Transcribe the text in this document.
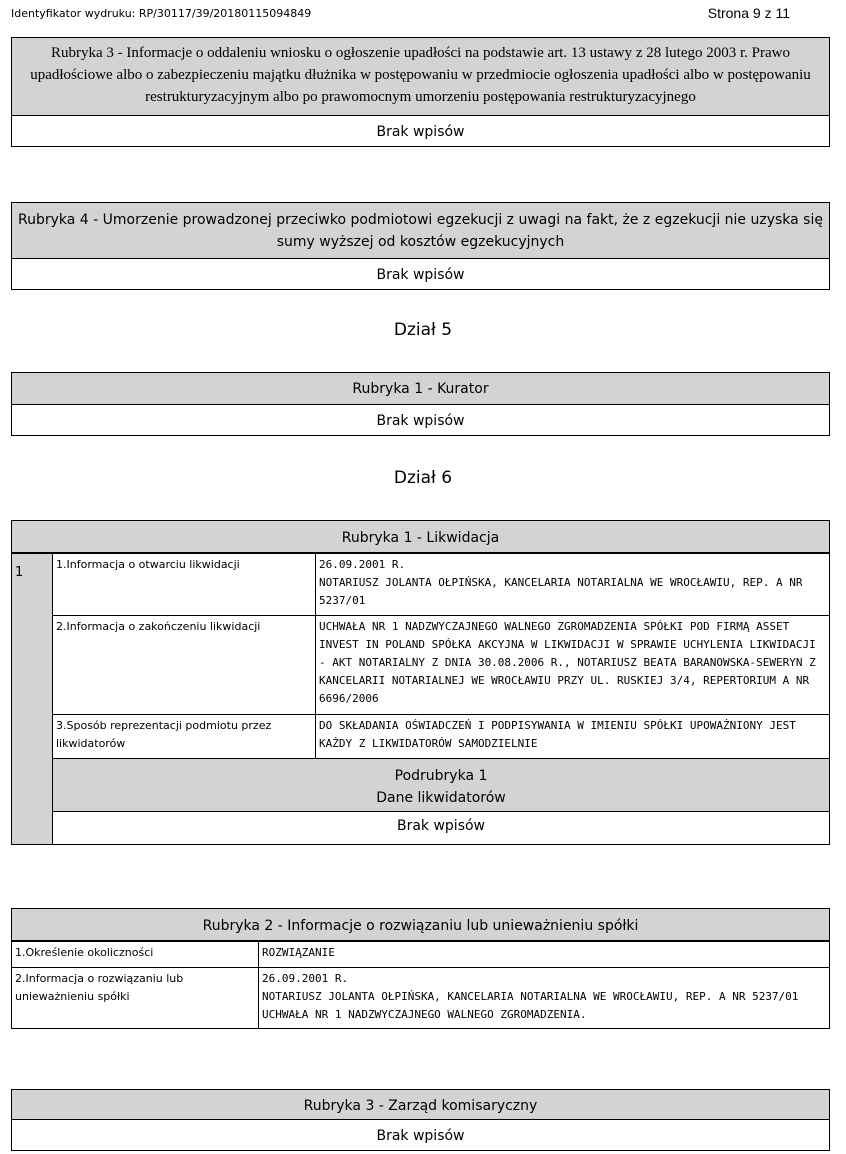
Identyfikator wydruku: RP/30117/39/20180115094849	Strona 9 z 11
Rubryka 3 - Informacje o oddaleniu wniosku o ogłoszenie upadłości na podstawie art. 13 ustawy z 28 lutego 2003 r. Prawo upadłościowe albo o zabezpieczeniu majątku dłużnika w postępowaniu w przedmiocie ogłoszenia upadłości albo w postępowaniu restrukturyzacyjnym albo po prawomocnym umorzeniu postępowania restrukturyzacyjnego
Brak wpisów
Rubryka 4 - Umorzenie prowadzonej przeciwko podmiotowi egzekucji z uwagi na fakt, że z egzekucji nie uzyska się sumy wyższej od kosztów egzekucyjnych
Brak wpisów
Dział 5
Rubryka 1 - Kurator
Brak wpisów
Dział 6
Rubryka 1 - Likwidacja
1	1.Informacja o otwarciu likwidacji	26.09.2001 R.
NOTARIUSZ JOLANTA OŁPIŃSKA, KANCELARIA NOTARIALNA WE WROCŁAWIU, REP. A NR 5237/01
	2.Informacja o zakończeniu likwidacji	UCHWAŁA NR 1 NADZWYCZAJNEGO WALNEGO ZGROMADZENIA SPÓŁKI POD FIRMĄ ASSET INVEST IN POLAND SPÓŁKA AKCYJNA W LIKWIDACJI W SPRAWIE UCHYLENIA LIKWIDACJI - AKT NOTARIALNY Z DNIA 30.08.2006 R., NOTARIUSZ BEATA BARANOWSKA-SEWERYN Z KANCELARII NOTARIALNEJ WE WROCŁAWIU PRZY UL. RUSKIEJ 3/4, REPERTORIUM A NR 6696/2006
	3.Sposób reprezentacji podmiotu przez likwidatorów	DO SKŁADANIA OŚWIADCZEŃ I PODPISYWANIA W IMIENIU SPÓŁKI UPOWAŻNIONY JEST KAŻDY Z LIKWIDATORÓW SAMODZIELNIE

	Podrubryka 1
Dane likwidatorów	

	Brak wpisów	
Rubryka 2 - Informacje o rozwiązaniu lub unieważnieniu spółki
1.Określenie okoliczności	ROZWIĄZANIE
2.Informacja o rozwiązaniu lub unieważnieniu spółki	26.09.2001 R.
NOTARIUSZ JOLANTA OŁPIŃSKA, KANCELARIA NOTARIALNA WE WROCŁAWIU, REP. A NR 5237/01
UCHWAŁA NR 1 NADZWYCZAJNEGO WALNEGO ZGROMADZENIA.
Rubryka 3 - Zarząd komisaryczny
Brak wpisów
